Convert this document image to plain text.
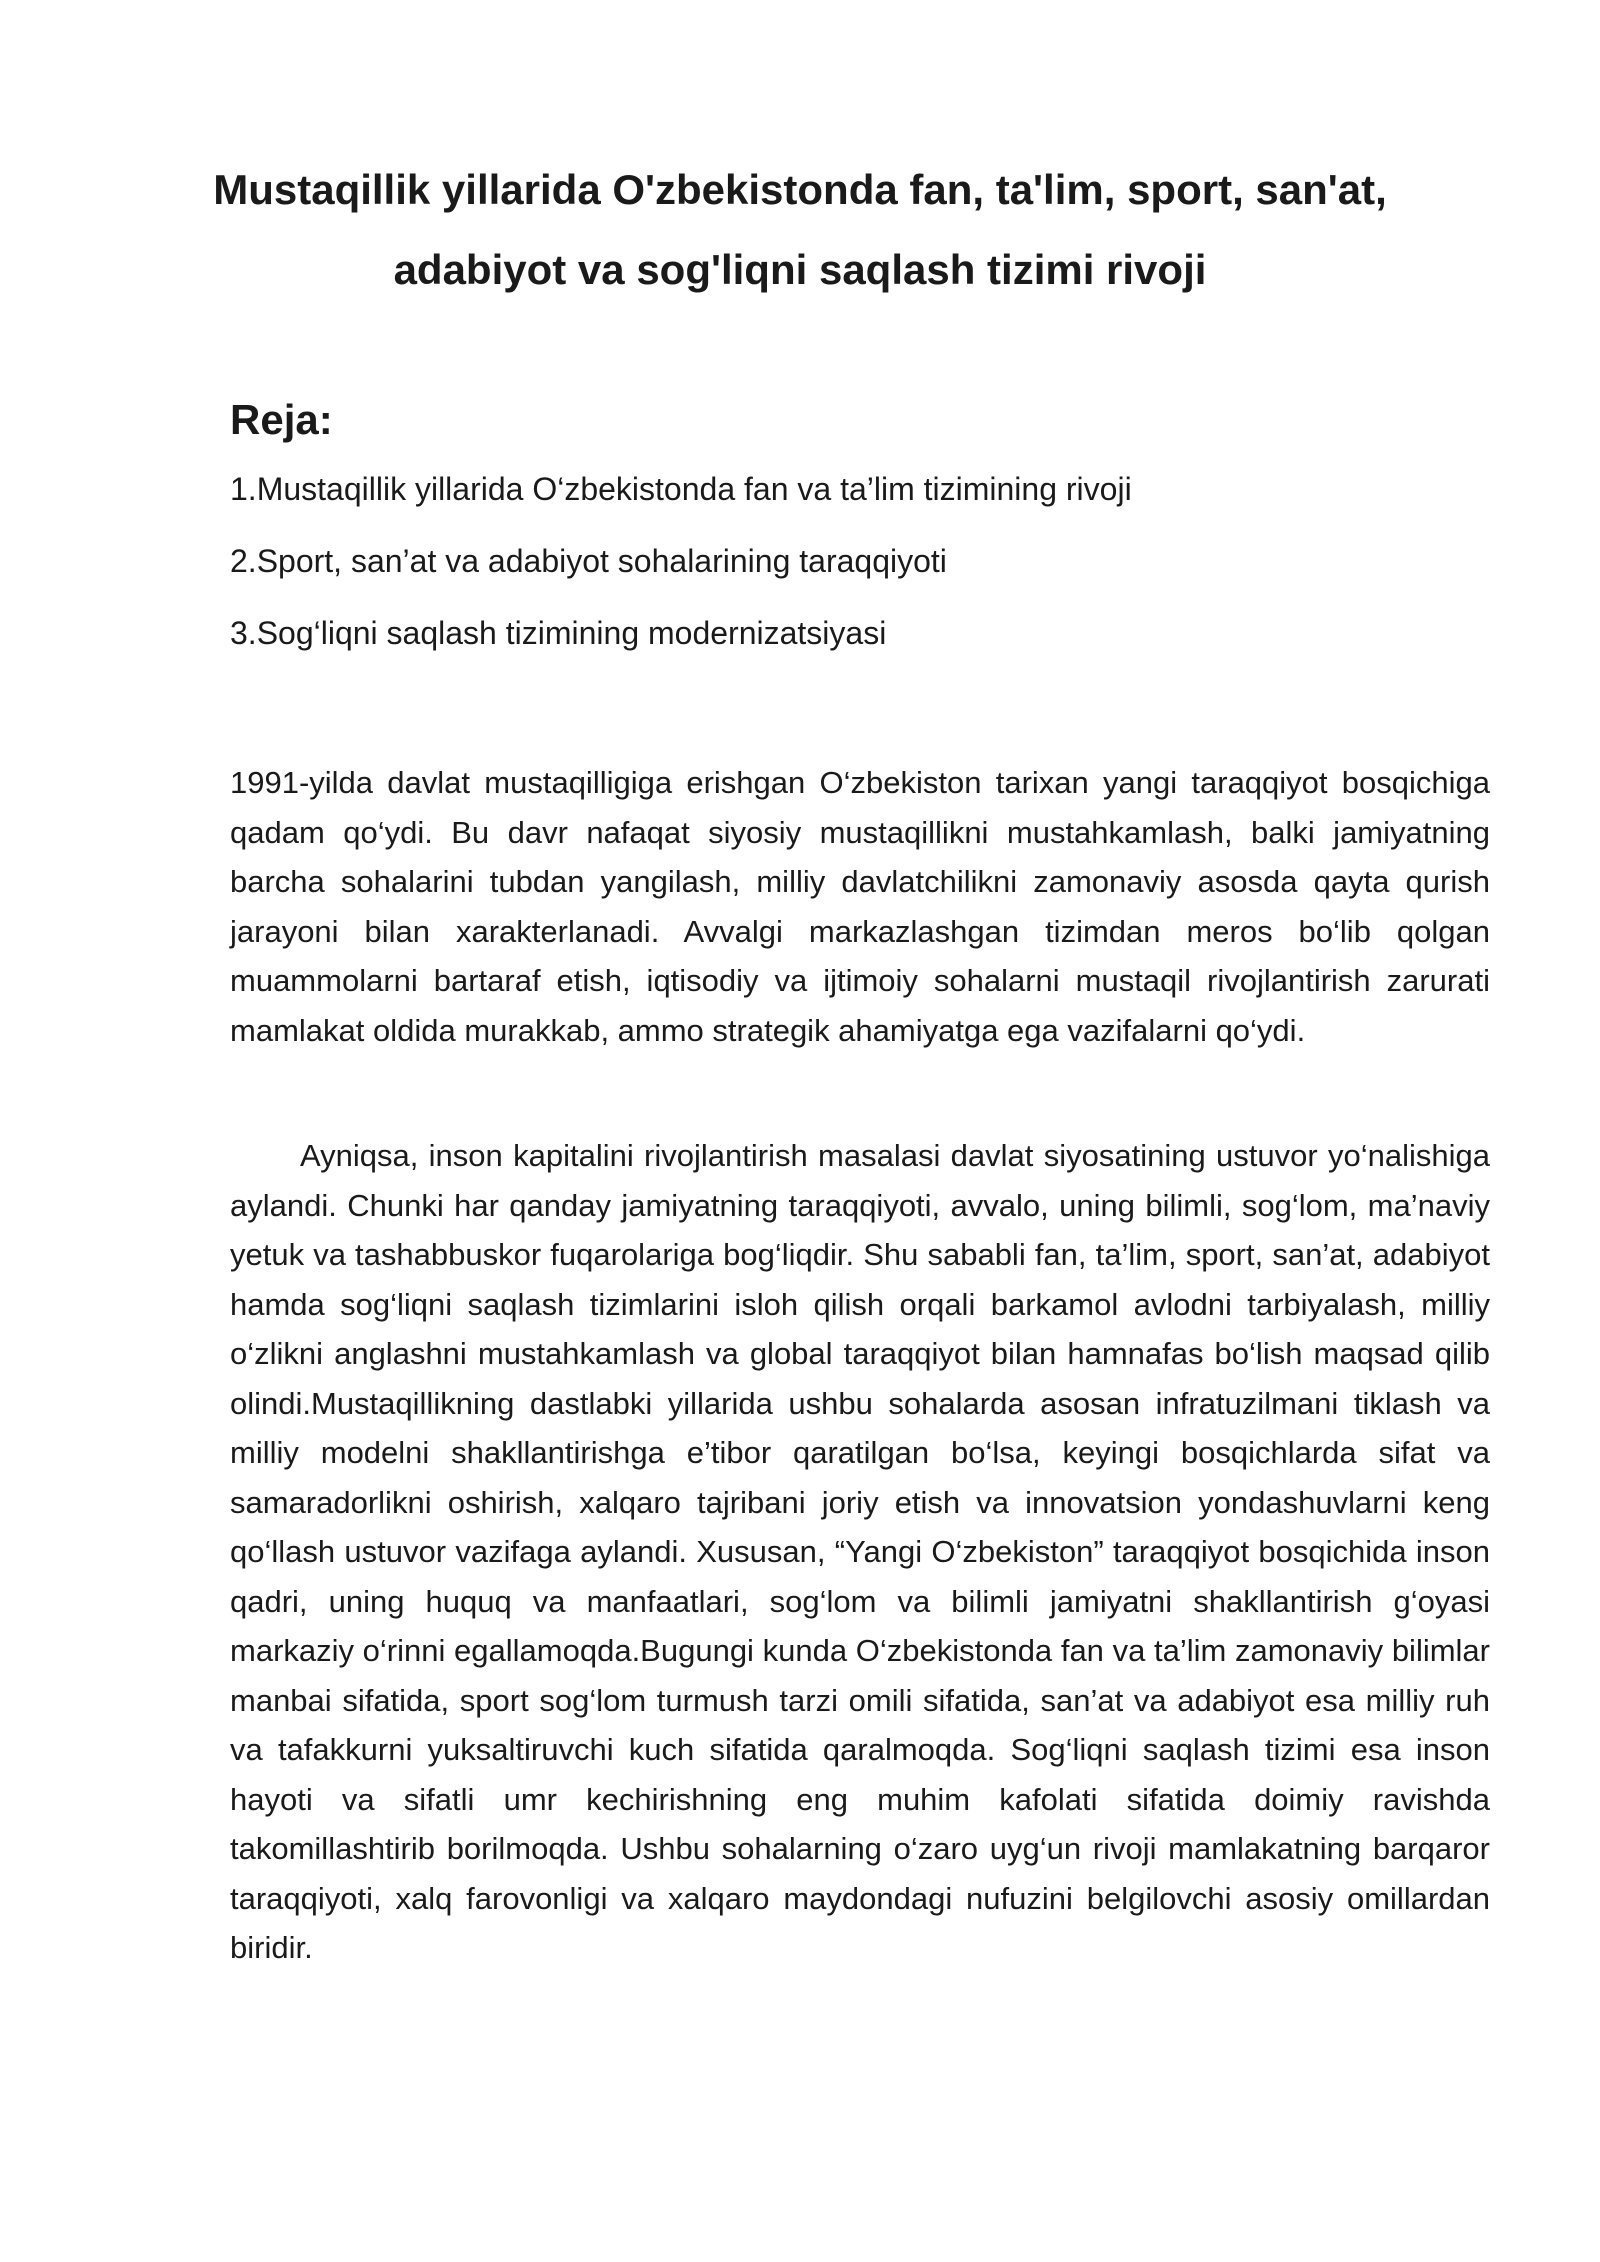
Mustaqillik yillarida O'zbekistonda fan, ta'lim, sport, san'at, adabiyot va sog'liqni saqlash tizimi rivoji
Reja:
1.Mustaqillik yillarida O‘zbekistonda fan va ta’lim tizimining rivoji
2.Sport, san’at va adabiyot sohalarining taraqqiyoti
3.Sog‘liqni saqlash tizimining modernizatsiyasi

1991-yilda davlat mustaqilligiga erishgan O‘zbekiston tarixan yangi taraqqiyot bosqichiga qadam qo‘ydi. Bu davr nafaqat siyosiy mustaqillikni mustahkamlash, balki jamiyatning barcha sohalarini tubdan yangilash, milliy davlatchilikni zamonaviy asosda qayta qurish jarayoni bilan xarakterlanadi. Avvalgi markazlashgan tizimdan meros bo‘lib qolgan muammolarni bartaraf etish, iqtisodiy va ijtimoiy sohalarni mustaqil rivojlantirish zarurati mamlakat oldida murakkab, ammo strategik ahamiyatga ega vazifalarni qo‘ydi.

Ayniqsa, inson kapitalini rivojlantirish masalasi davlat siyosatining ustuvor yo‘nalishiga aylandi. Chunki har qanday jamiyatning taraqqiyoti, avvalo, uning bilimli, sog‘lom, ma’naviy yetuk va tashabbuskor fuqarolariga bog‘liqdir. Shu sababli fan, ta’lim, sport, san’at, adabiyot hamda sog‘liqni saqlash tizimlarini isloh qilish orqali barkamol avlodni tarbiyalash, milliy o‘zlikni anglashni mustahkamlash va global taraqqiyot bilan hamnafas bo‘lish maqsad qilib olindi.Mustaqillikning dastlabki yillarida ushbu sohalarda asosan infratuzilmani tiklash va milliy modelni shakllantirishga e’tibor qaratilgan bo‘lsa, keyingi bosqichlarda sifat va samaradorlikni oshirish, xalqaro tajribani joriy etish va innovatsion yondashuvlarni keng qo‘llash ustuvor vazifaga aylandi. Xususan, “Yangi O‘zbekiston” taraqqiyot bosqichida inson qadri, uning huquq va manfaatlari, sog‘lom va bilimli jamiyatni shakllantirish g‘oyasi markaziy o‘rinni egallamoqda.Bugungi kunda O‘zbekistonda fan va ta’lim zamonaviy bilimlar manbai sifatida, sport sog‘lom turmush tarzi omili sifatida, san’at va adabiyot esa milliy ruh va tafakkurni yuksaltiruvchi kuch sifatida qaralmoqda. Sog‘liqni saqlash tizimi esa inson hayoti va sifatli umr kechirishning eng muhim kafolati sifatida doimiy ravishda takomillashtirib borilmoqda. Ushbu sohalarning o‘zaro uyg‘un rivoji mamlakatning barqaror taraqqiyoti, xalq farovonligi va xalqaro maydondagi nufuzini belgilovchi asosiy omillardan biridir.
